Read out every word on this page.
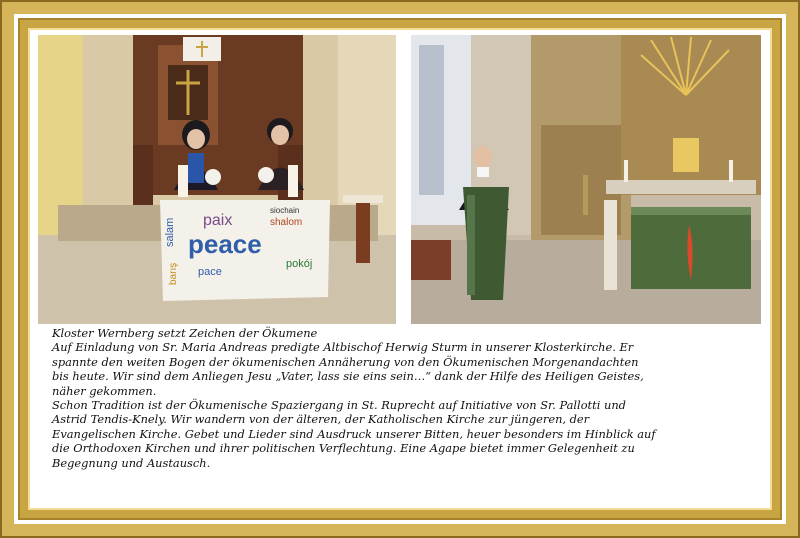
paix
salam peace
shalom
pace
pokój
barış
siochain

Kloster Wernberg setzt Zeichen der Ökumene

Auf Einladung von Sr. Maria Andreas predigte Altbischof Herwig Sturm in unserer Klosterkirche. Er

spannte den weiten Bogen der ökumenischen Annäherung von den Ökumenischen Morgenandachten

bis heute. Wir sind dem Anliegen Jesu „Vater, lass sie eins sein…“ dank der Hilfe des Heiligen Geistes,

näher gekommen.

Schon Tradition ist der Ökumenische Spaziergang in St. Ruprecht auf Initiative von Sr. Pallotti und

Astrid Tendis-Knely. Wir wandern von der älteren, der Katholischen Kirche zur jüngeren, der

Evangelischen Kirche. Gebet und Lieder sind Ausdruck unserer Bitten, heuer besonders im Hinblick auf

die Orthodoxen Kirchen und ihrer politischen Verflechtung. Eine Agape bietet immer Gelegenheit zu

Begegnung und Austausch.
